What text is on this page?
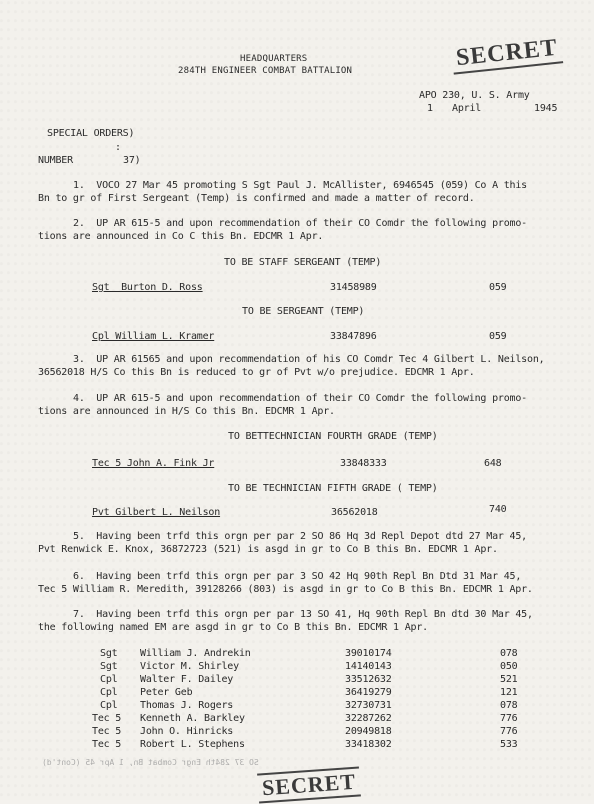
HEADQUARTERS
284TH ENGINEER COMBAT BATTALION	SECRET
APO 230, U. S. Army
1 April	1945
SPECIAL ORDERS)
:
NUMBER	37)
1.  VOCO 27 Mar 45 promoting S Sgt Paul J. McAllister, 6946545 (059) Co A this
Bn to gr of First Sergeant (Temp) is confirmed and made a matter of record.
2.  UP AR 615-5 and upon recommendation of their CO Comdr the following promo-
tions are announced in Co C this Bn. EDCMR 1 Apr.
TO BE STAFF SERGEANT (TEMP)
Sgt  Burton D. Ross	31458989	059
TO BE SERGEANT (TEMP)
Cpl William L. Kramer	33847896	059
3.  UP AR 61565 and upon recommendation of his CO Comdr Tec 4 Gilbert L. Neilson,
36562018 H/S Co this Bn is reduced to gr of Pvt w/o prejudice. EDCMR 1 Apr.
4.  UP AR 615-5 and upon recommendation of their CO Comdr the following promo-
tions are announced in H/S Co this Bn. EDCMR 1 Apr.
TO BETTECHNICIAN FOURTH GRADE (TEMP)
Tec 5 John A. Fink Jr	33848333	648
TO BE TECHNICIAN FIFTH GRADE ( TEMP)
Pvt Gilbert L. Neilson	36562018	740
5.  Having been trfd this orgn per par 2 SO 86 Hq 3d Repl Depot dtd 27 Mar 45,
Pvt Renwick E. Knox, 36872723 (521) is asgd in gr to Co B this Bn. EDCMR 1 Apr.
6.  Having been trfd this orgn per par 3 SO 42 Hq 90th Repl Bn Dtd 31 Mar 45,
Tec 5 William R. Meredith, 39128266 (803) is asgd in gr to Co B this Bn. EDCMR 1 Apr.
7.  Having been trfd this orgn per par 13 SO 41, Hq 90th Repl Bn dtd 30 Mar 45,
the following named EM are asgd in gr to Co B this Bn. EDCMR 1 Apr.
Sgt William J. Andrekin	39010174	078
Sgt Victor M. Shirley	14140143	050
Cpl Walter F. Dailey	33512632	521
Cpl Peter Geb	36419279	121
Cpl Thomas J. Rogers	32730731	078
Tec 5 Kenneth A. Barkley	32287262	776
Tec 5 John O. Hinricks	20949818	776
Tec 5 Robert L. Stephens	33418302	533
SO 37 284th Engr Combat Bn, 1 Apr 45 (Cont'd)
SECRET
